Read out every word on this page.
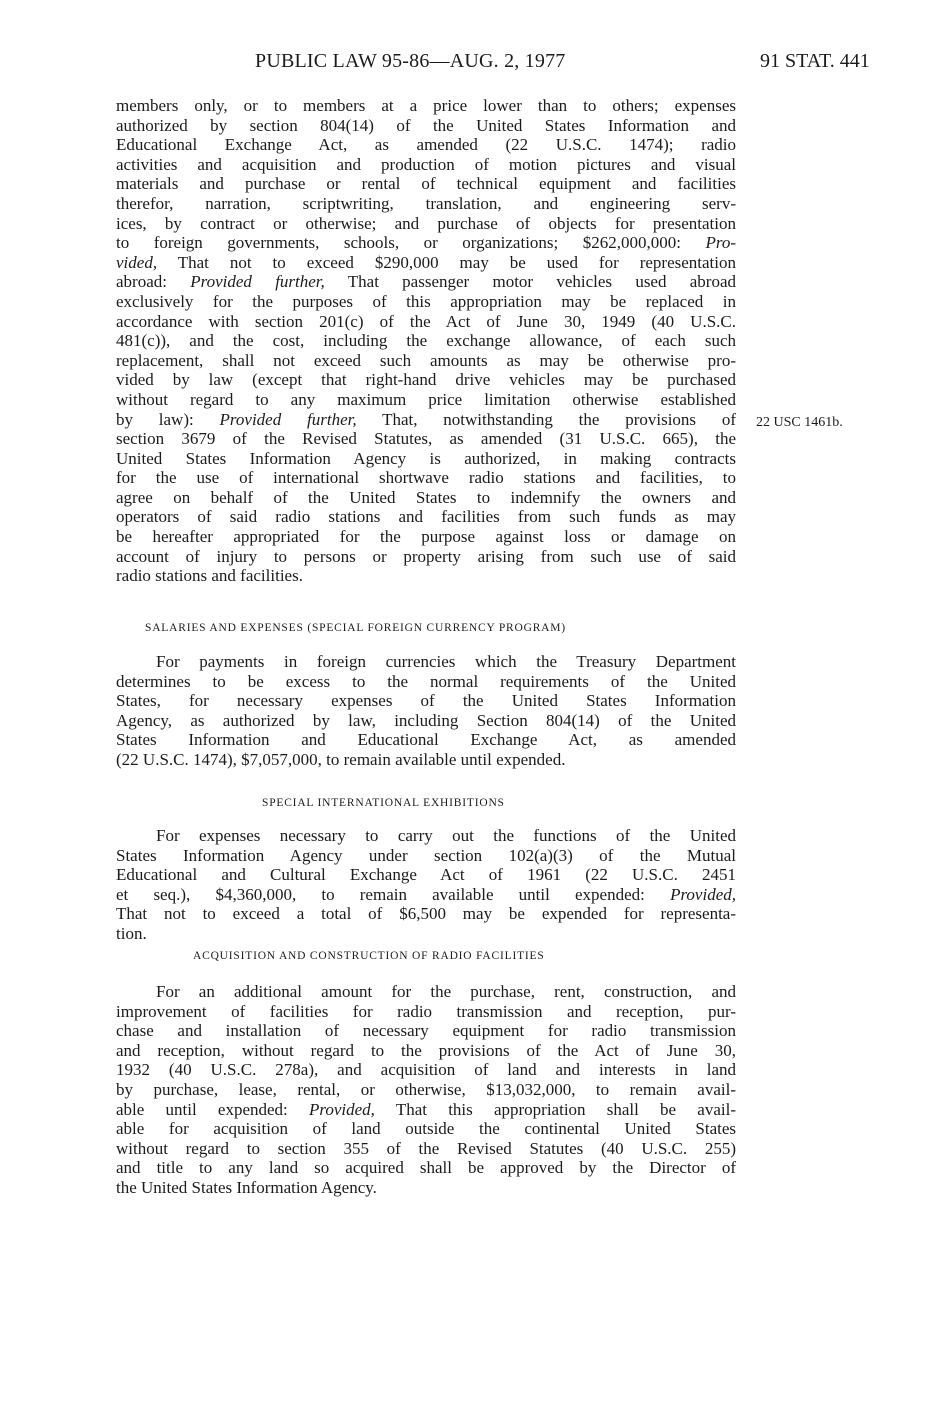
PUBLIC LAW 95-86—AUG. 2, 1977	91 STAT. 441
members only, or to members at a price lower than to others; expenses
authorized by section 804(14) of the United States Information and
Educational Exchange Act, as amended (22 U.S.C. 1474); radio
activities and acquisition and production of motion pictures and visual
materials and purchase or rental of technical equipment and facilities
therefor, narration, scriptwriting, translation, and engineering serv-
ices, by contract or otherwise; and purchase of objects for presentation
to foreign governments, schools, or organizations; $262,000,000: Pro-
vided, That not to exceed $290,000 may be used for representation
abroad: Provided further, That passenger motor vehicles used abroad
exclusively for the purposes of this appropriation may be replaced in
accordance with section 201(c) of the Act of June 30, 1949 (40 U.S.C.
481(c)), and the cost, including the exchange allowance, of each such
replacement, shall not exceed such amounts as may be otherwise pro-
vided by law (except that right-hand drive vehicles may be purchased
without regard to any maximum price limitation otherwise established
by law): Provided further, That, notwithstanding the provisions of
section 3679 of the Revised Statutes, as amended (31 U.S.C. 665), the
United States Information Agency is authorized, in making contracts
for the use of international shortwave radio stations and facilities, to
agree on behalf of the United States to indemnify the owners and
operators of said radio stations and facilities from such funds as may
be hereafter appropriated for the purpose against loss or damage on
account of injury to persons or property arising from such use of said
radio stations and facilities.
22 USC 1461b.
SALARIES AND EXPENSES (SPECIAL FOREIGN CURRENCY PROGRAM)
For payments in foreign currencies which the Treasury Department
determines to be excess to the normal requirements of the United
States, for necessary expenses of the United States Information
Agency, as authorized by law, including Section 804(14) of the United
States Information and Educational Exchange Act, as amended
(22 U.S.C. 1474), $7,057,000, to remain available until expended.
SPECIAL INTERNATIONAL EXHIBITIONS
For expenses necessary to carry out the functions of the United
States Information Agency under section 102(a)(3) of the Mutual
Educational and Cultural Exchange Act of 1961 (22 U.S.C. 2451
et seq.), $4,360,000, to remain available until expended: Provided,
That not to exceed a total of $6,500 may be expended for representa-
tion.
ACQUISITION AND CONSTRUCTION OF RADIO FACILITIES
For an additional amount for the purchase, rent, construction, and
improvement of facilities for radio transmission and reception, pur-
chase and installation of necessary equipment for radio transmission
and reception, without regard to the provisions of the Act of June 30,
1932 (40 U.S.C. 278a), and acquisition of land and interests in land
by purchase, lease, rental, or otherwise, $13,032,000, to remain avail-
able until expended: Provided, That this appropriation shall be avail-
able for acquisition of land outside the continental United States
without regard to section 355 of the Revised Statutes (40 U.S.C. 255)
and title to any land so acquired shall be approved by the Director of
the United States Information Agency.
